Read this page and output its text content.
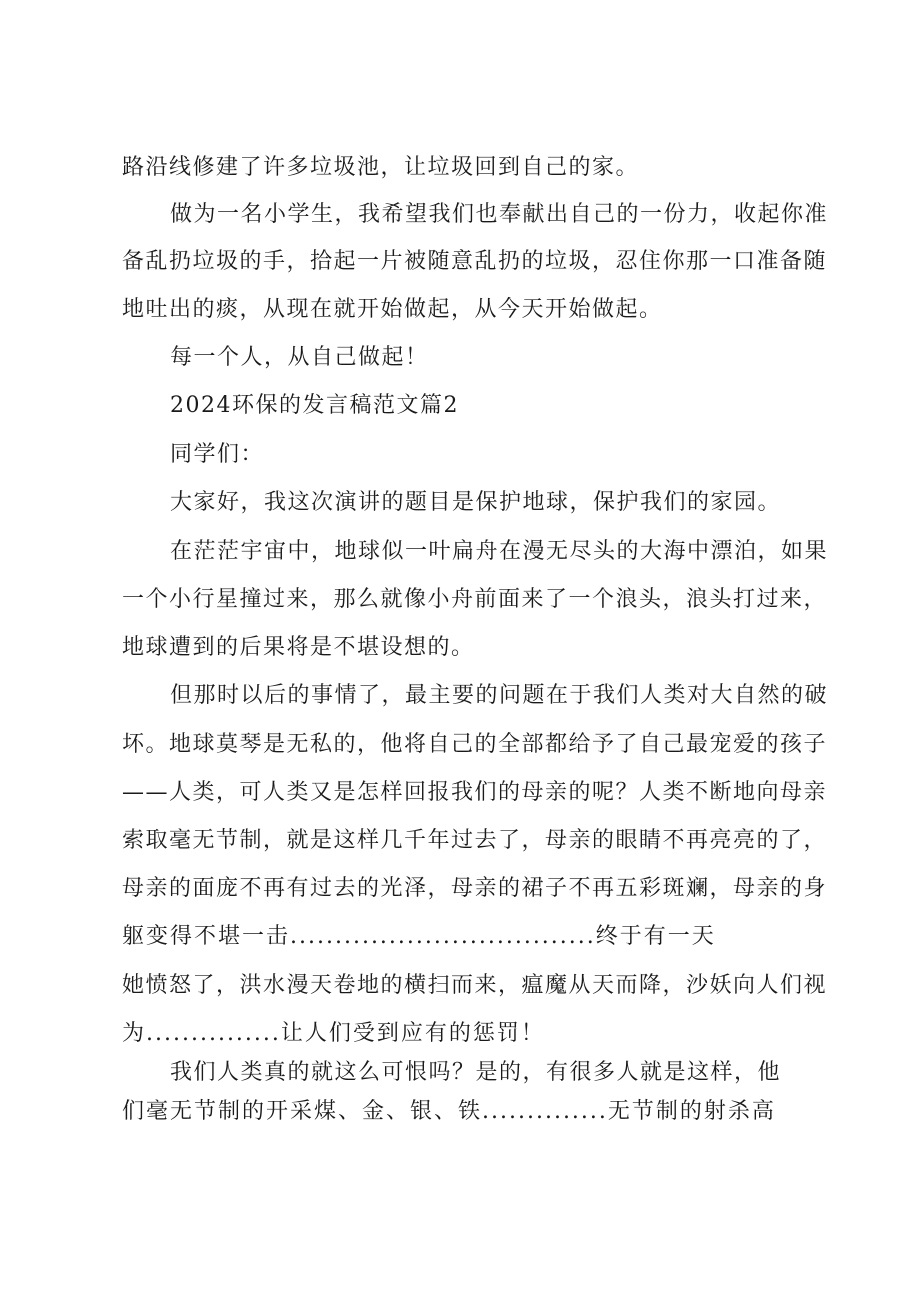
路沿线修建了许多垃圾池，让垃圾回到自己的家。
做为一名小学生，我希望我们也奉献出自己的一份力，收起你准
备乱扔垃圾的手，拾起一片被随意乱扔的垃圾，忍住你那一口准备随
地吐出的痰，从现在就开始做起，从今天开始做起。
每一个人，从自己做起！
2024环保的发言稿范文篇2
同学们：
大家好，我这次演讲的题目是保护地球，保护我们的家园。
在茫茫宇宙中，地球似一叶扁舟在漫无尽头的大海中漂泊，如果
一个小行星撞过来，那么就像小舟前面来了一个浪头，浪头打过来，
地球遭到的后果将是不堪设想的。
但那时以后的事情了，最主要的问题在于我们人类对大自然的破
坏。地球莫琴是无私的，他将自己的全部都给予了自己最宠爱的孩子
——人类，可人类又是怎样回报我们的母亲的呢？人类不断地向母亲
索取毫无节制，就是这样几千年过去了，母亲的眼睛不再亮亮的了，
母亲的面庞不再有过去的光泽，母亲的裙子不再五彩斑斓，母亲的身
躯变得不堪一击..................................终于有一天
她愤怒了，洪水漫天卷地的横扫而来，瘟魔从天而降，沙妖向人们视
为...............让人们受到应有的惩罚！
我们人类真的就这么可恨吗？是的，有很多人就是这样，他
们毫无节制的开采煤、金、银、铁..............无节制的射杀高
